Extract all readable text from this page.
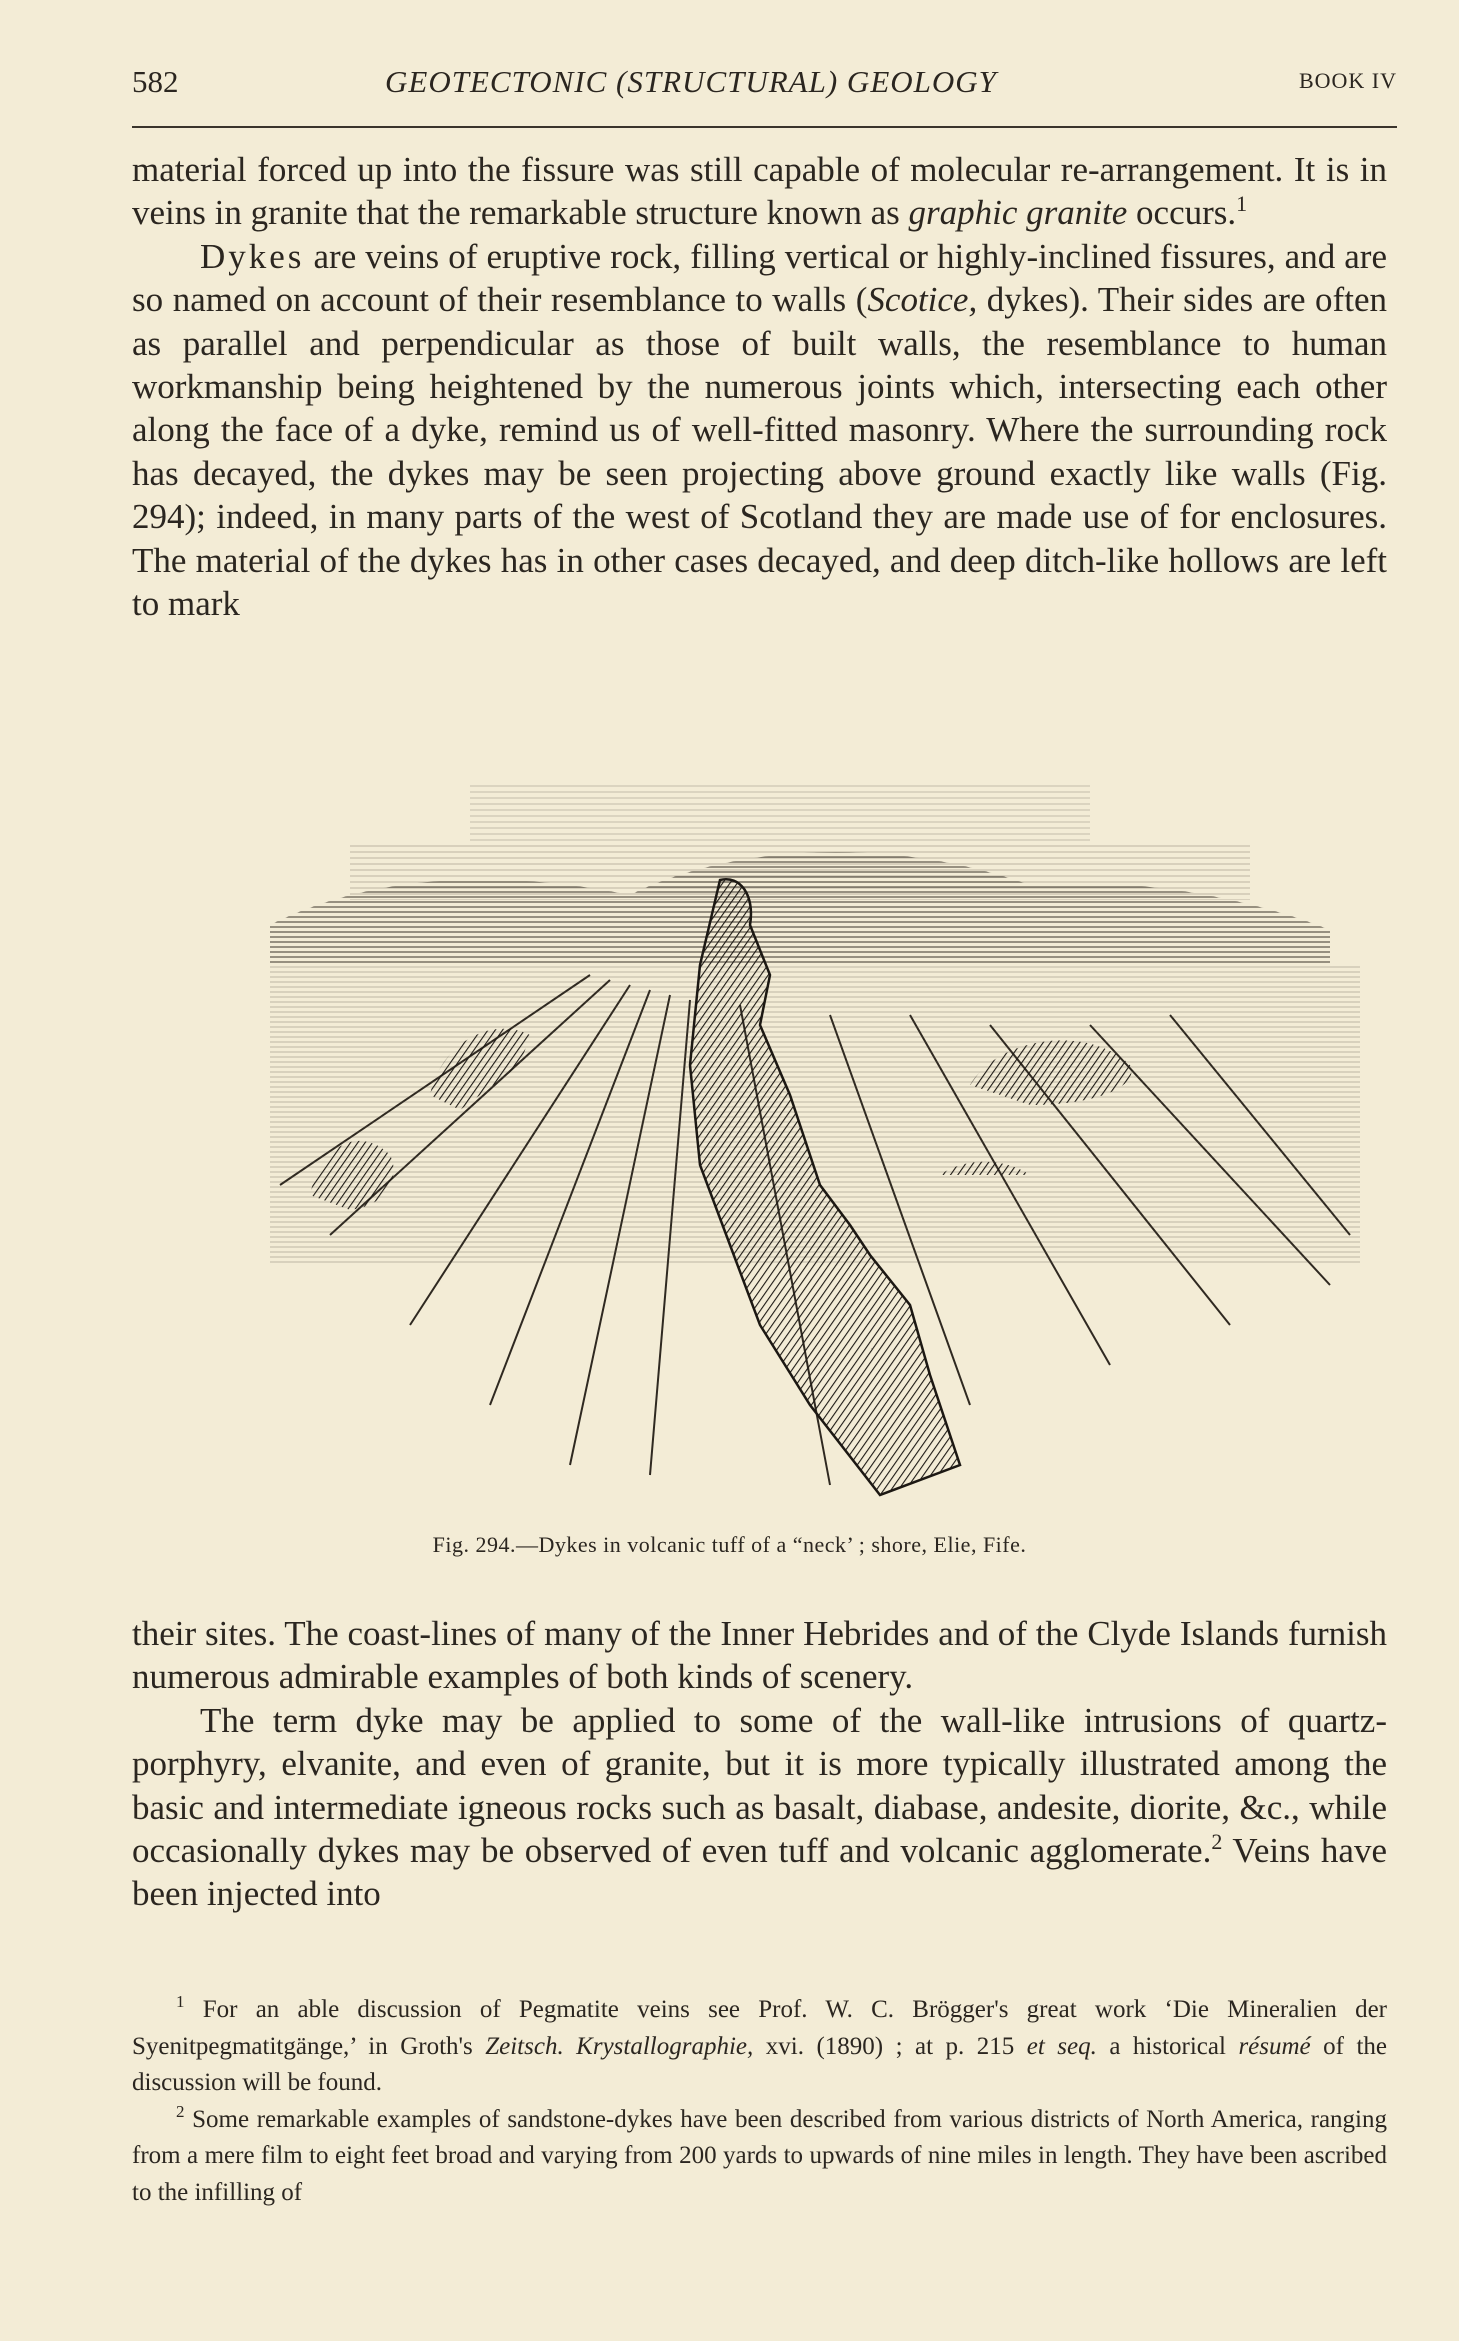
582	GEOTECTONIC (STRUCTURAL) GEOLOGY	BOOK IV

material forced up into the fissure was still capable of molecular re-arrangement. It is in veins in granite that the remarkable structure known as graphic granite occurs.$^1$

Dykes are veins of eruptive rock, filling vertical or highly-inclined fissures, and are so named on account of their resemblance to walls (Scotice, dykes). Their sides are often as parallel and perpendicular as those of built walls, the resemblance to human workmanship being heightened by the numerous joints which, intersecting each other along the face of a dyke, remind us of well-fitted masonry. Where the surrounding rock has decayed, the dykes may be seen projecting above ground exactly like walls (Fig. 294); indeed, in many parts of the west of Scotland they are made use of for enclosures. The material of the dykes has in other cases decayed, and deep ditch-like hollows are left to mark

Fig. 294.—Dykes in volcanic tuff of a “neck’ ; shore, Elie, Fife.

their sites. The coast-lines of many of the Inner Hebrides and of the Clyde Islands furnish numerous admirable examples of both kinds of scenery.

The term dyke may be applied to some of the wall-like intrusions of quartz-porphyry, elvanite, and even of granite, but it is more typically illustrated among the basic and intermediate igneous rocks such as basalt, diabase, andesite, diorite, &c., while occasionally dykes may be observed of even tuff and volcanic agglomerate.$^2$ Veins have been injected into

$^1$ For an able discussion of Pegmatite veins see Prof. W. C. Brögger's great work ‘Die Mineralien der Syenitpegmatitgänge,’ in Groth's Zeitsch. Krystallographie, xvi. (1890) ; at p. 215 et seq. a historical résumé of the discussion will be found.

$^2$ Some remarkable examples of sandstone-dykes have been described from various districts of North America, ranging from a mere film to eight feet broad and varying from 200 yards to upwards of nine miles in length. They have been ascribed to the infilling of
